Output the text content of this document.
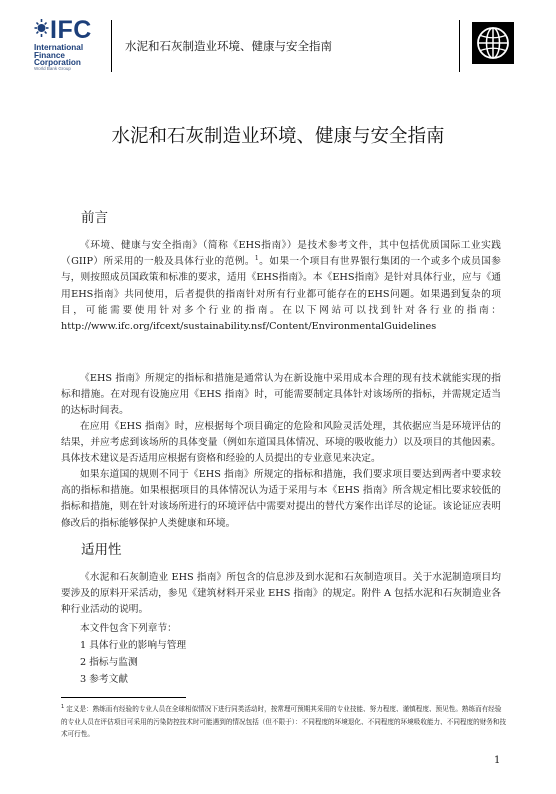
IFC
International
Finance
Corporation
World Bank Group
水泥和石灰制造业环境、健康与安全指南
水泥和石灰制造业环境、健康与安全指南
前言

《环境、健康与安全指南》（简称《EHS指南》）是技术参考文件，其中包括优质国际工业实践（GIIP）所采用的一般及具体行业的范例。$^1$。如果一个项目有世界银行集团的一个或多个成员国参与，则按照成员国政策和标准的要求，适用《EHS指南》。本《EHS指南》是针对具体行业，应与《通用EHS指南》共同使用，后者提供的指南针对所有行业都可能存在的EHS问题。如果遇到复杂的项目，可能需要使用针对多个行业的指南。在以下网站可以找到针对各行业的指南：http://www.ifc.org/ifcext/sustainability.nsf/Content/EnvironmentalGuidelines

《EHS 指南》所规定的指标和措施是通常认为在新设施中采用成本合理的现有技术就能实现的指标和措施。在对现有设施应用《EHS 指南》时，可能需要制定具体针对该场所的指标，并需规定适当的达标时间表。

在应用《EHS 指南》时，应根据每个项目确定的危险和风险灵活处理，其依据应当是环境评估的结果，并应考虑到该场所的具体变量（例如东道国具体情况、环境的吸收能力）以及项目的其他因素。具体技术建议是否适用应根据有资格和经验的人员提出的专业意见来决定。

如果东道国的规则不同于《EHS 指南》所规定的指标和措施，我们要求项目要达到两者中要求较高的指标和措施。如果根据项目的具体情况认为适于采用与本《EHS 指南》所含规定相比要求较低的指标和措施，则在针对该场所进行的环境评估中需要对提出的替代方案作出详尽的论证。该论证应表明修改后的指标能够保护人类健康和环境。

适用性

《水泥和石灰制造业 EHS 指南》所包含的信息涉及到水泥和石灰制造项目。关于水泥制造项目均要涉及的原料开采活动，参见《建筑材料开采业 EHS 指南》的规定。附件 A 包括水泥和石灰制造业各种行业活动的说明。

本文件包含下列章节：

1 具体行业的影响与管理

2 指标与监测

3 参考文献

$^1$ 定义是：熟练而有经验的专业人员在全球相似情况下进行同类活动时，按常理可预期其采用的专业技能、努力程度、谨慎程度、预见性。熟练而有经验的专业人员在评估项目可采用的污染防控技术时可能遇到的情况包括（但不限于）：不同程度的环境退化、不同程度的环境吸收能力、不同程度的财务和技术可行性。

1
